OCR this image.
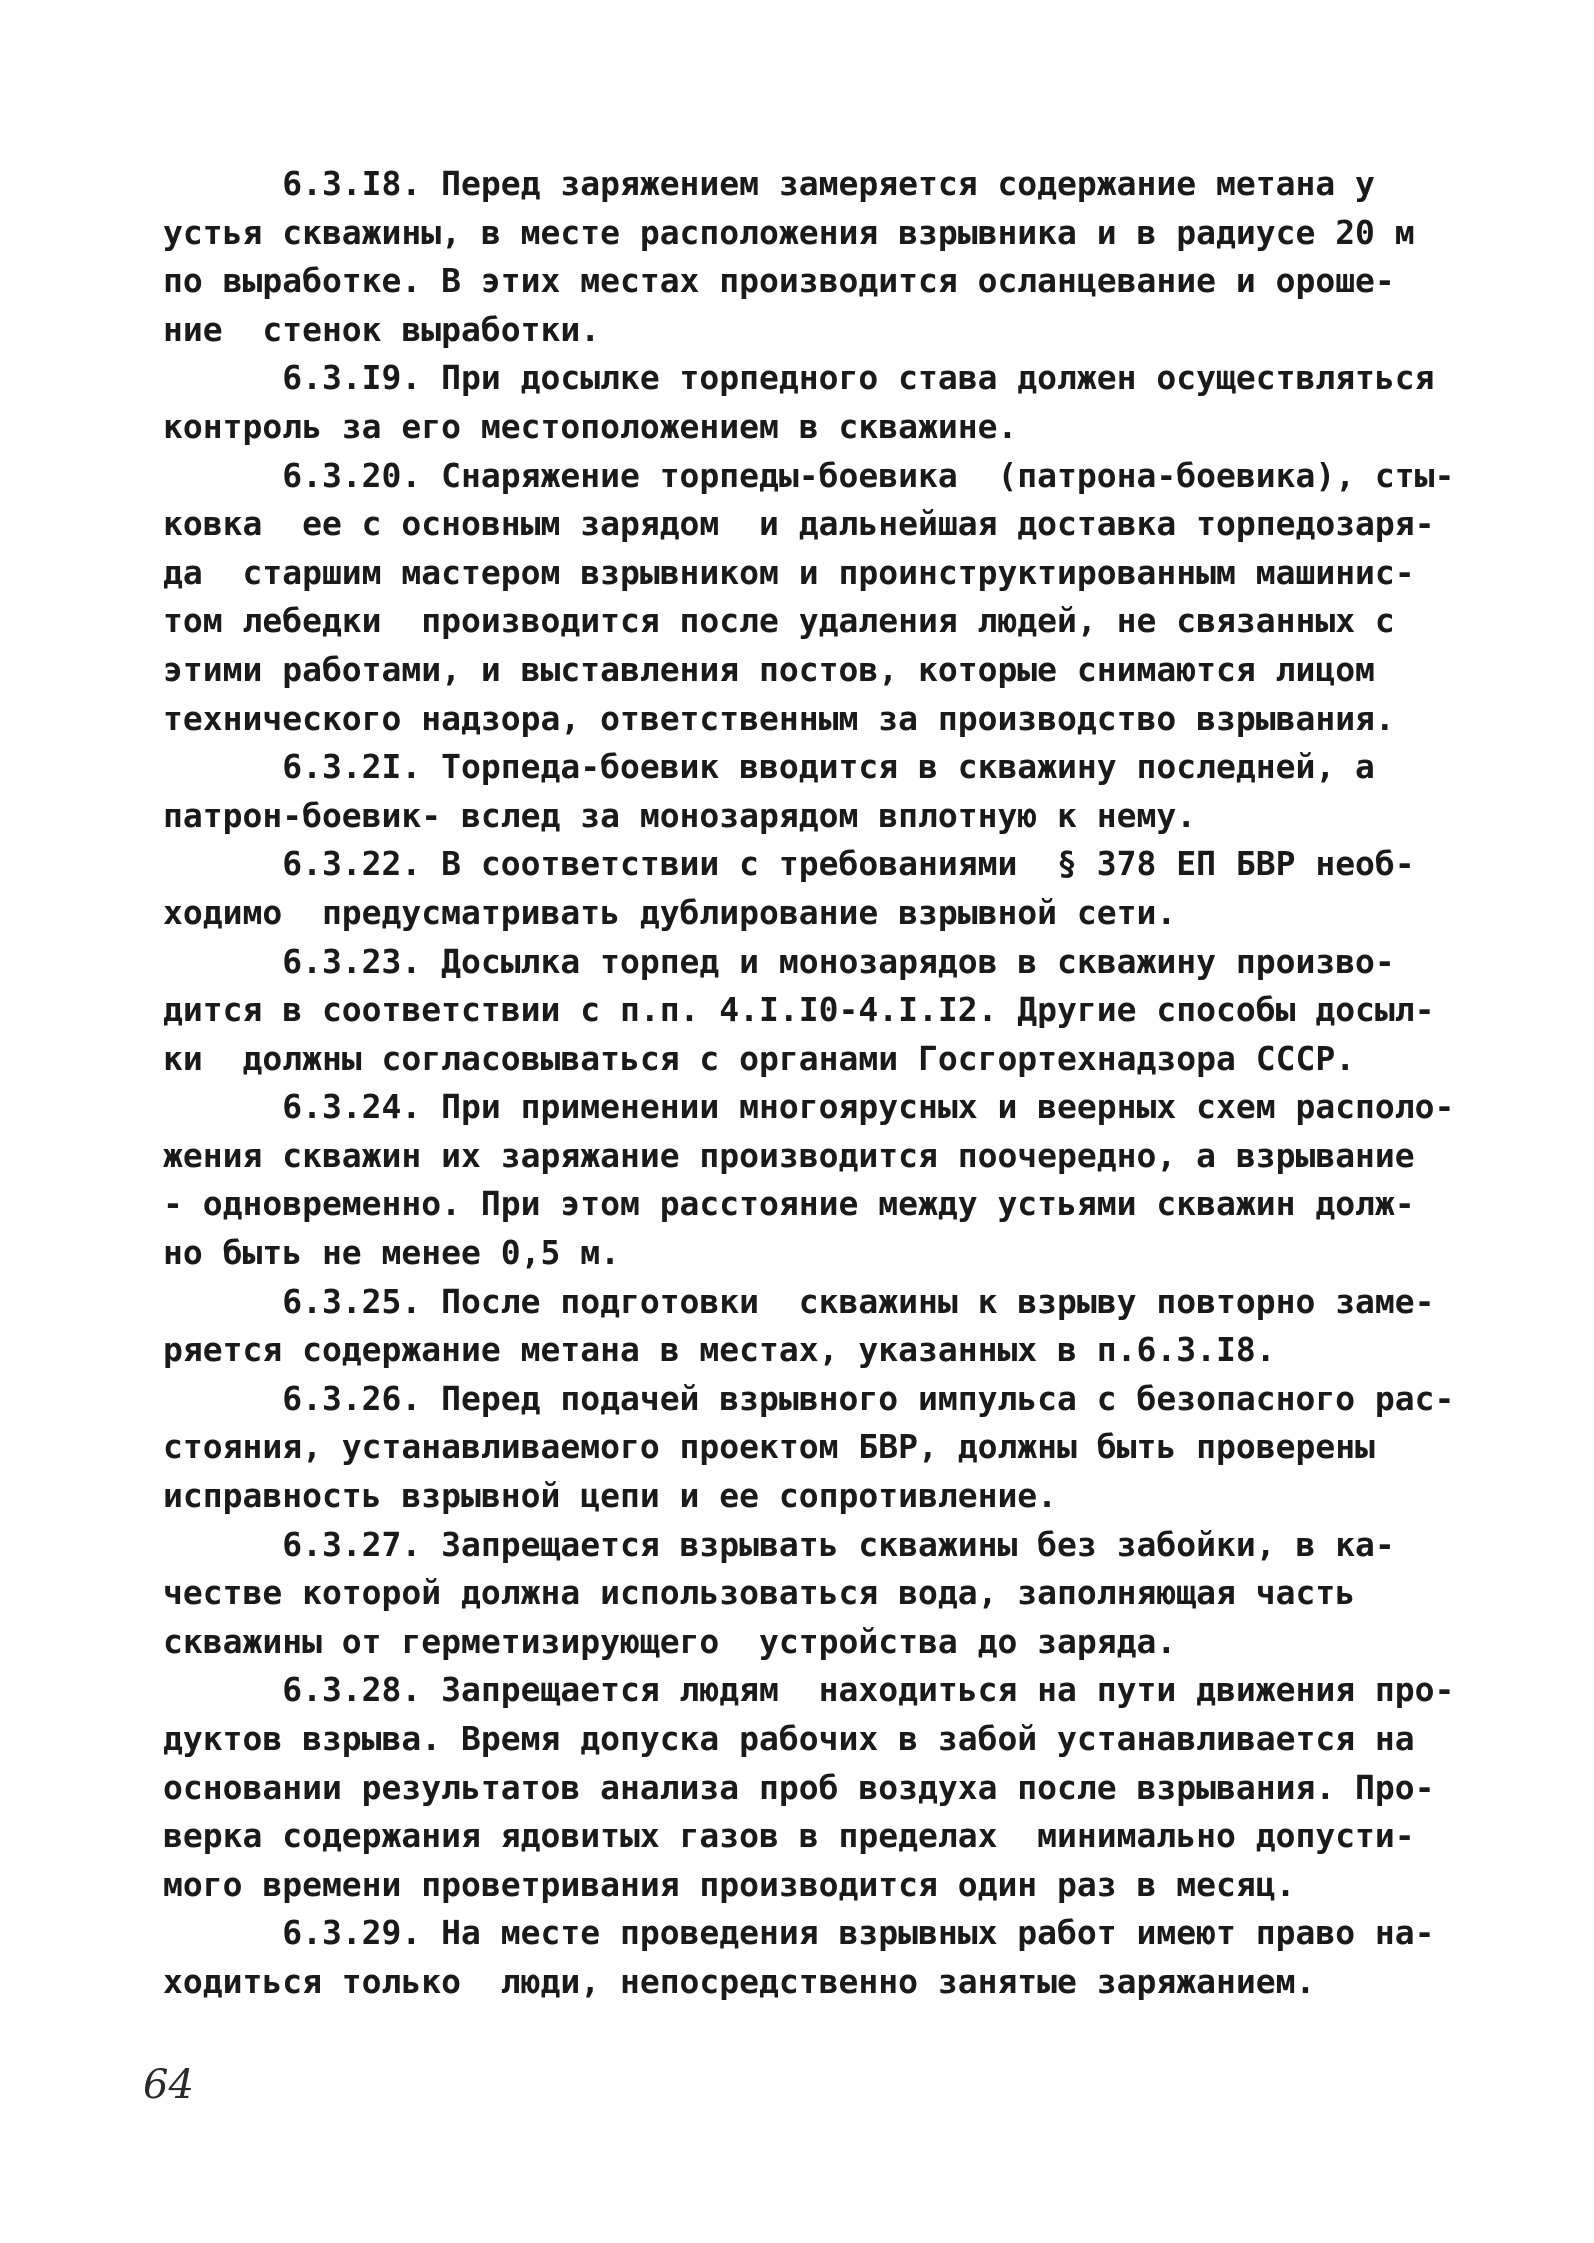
6.3.I8. Перед заряжением замеряется содержание метана у
устья скважины, в месте расположения взрывника и в радиусе 20 м
по выработке. В этих местах производится осланцевание и ороше-
ние  стенок выработки.
6.3.I9. При досылке торпедного става должен осуществляться
контроль за его местоположением в скважине.
6.3.20. Снаряжение торпеды-боевика  (патрона-боевика), сты-
ковка  ее с основным зарядом  и дальнейшая доставка торпедозаря-
да  старшим мастером взрывником и проинструктированным машинис-
том лебедки  производится после удаления людей, не связанных с
этими работами, и выставления постов, которые снимаются лицом
технического надзора, ответственным за производство взрывания.
6.3.2I. Торпеда-боевик вводится в скважину последней, а
патрон-боевик- вслед за монозарядом вплотную к нему.
6.3.22. В соответствии с требованиями  § 378 ЕП БВР необ-
ходимо  предусматривать дублирование взрывной сети.
6.3.23. Досылка торпед и монозарядов в скважину произво-
дится в соответствии с п.п. 4.I.I0-4.I.I2. Другие способы досыл-
ки  должны согласовываться с органами Госгортехнадзора СССР.
6.3.24. При применении многоярусных и веерных схем располо-
жения скважин их заряжание производится поочередно, а взрывание
- одновременно. При этом расстояние между устьями скважин долж-
но быть не менее 0,5 м.
6.3.25. После подготовки  скважины к взрыву повторно заме-
ряется содержание метана в местах, указанных в п.6.3.I8.
6.3.26. Перед подачей взрывного импульса с безопасного рас-
стояния, устанавливаемого проектом БВР, должны быть проверены
исправность взрывной цепи и ее сопротивление.
6.3.27. Запрещается взрывать скважины без забойки, в ка-
честве которой должна использоваться вода, заполняющая часть
скважины от герметизирующего  устройства до заряда.
6.3.28. Запрещается людям  находиться на пути движения про-
дуктов взрыва. Время допуска рабочих в забой устанавливается на
основании результатов анализа проб воздуха после взрывания. Про-
верка содержания ядовитых газов в пределах  минимально допусти-
мого времени проветривания производится один раз в месяц.
6.3.29. На месте проведения взрывных работ имеют право на-
ходиться только  люди, непосредственно занятые заряжанием.
64
